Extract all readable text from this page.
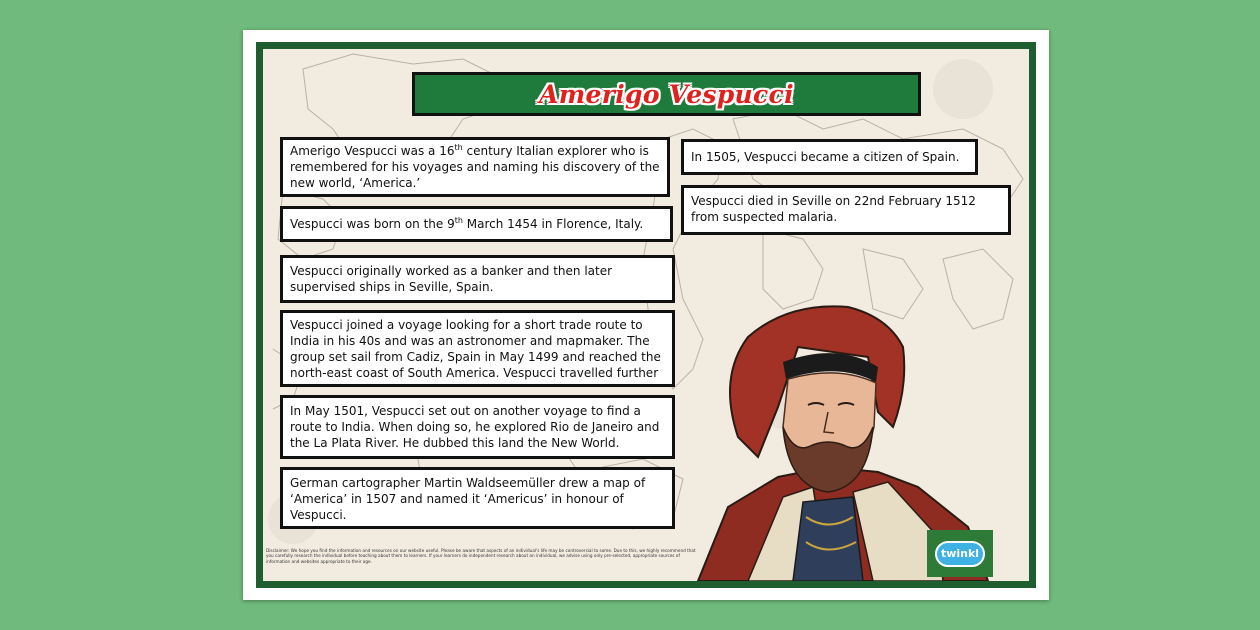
Amerigo Vespucci
Amerigo Vespucci was a 16th century Italian explorer who is remembered for his voyages and naming his discovery of the new world, ‘America.’
Vespucci was born on the 9th March 1454 in Florence, Italy.
Vespucci originally worked as a banker and then later supervised ships in Seville, Spain.
Vespucci joined a voyage looking for a short trade route to India in his 40s and was an astronomer and mapmaker. The group set sail from Cadiz, Spain in May 1499 and reached the north-east coast of South America. Vespucci travelled further
In May 1501, Vespucci set out on another voyage to find a route to India. When doing so, he explored Rio de Janeiro and the La Plata River. He dubbed this land the New World.
German cartographer Martin Waldseemüller drew a map of ‘America’ in 1507 and named it ‘Americus’ in honour of Vespucci.
In 1505, Vespucci became a citizen of Spain.
Vespucci died in Seville on 22nd February 1512 from suspected malaria.
Disclaimer: We hope you find the information and resources on our website useful. Please be aware that aspects of an individual's life may be controversial to some. Due to this, we highly recommend that you carefully research the individual before teaching about them to learners. If your learners do independent research about an individual, we advise using only pre-selected, appropriate sources of information and websites appropriate to their age.
twinkl
